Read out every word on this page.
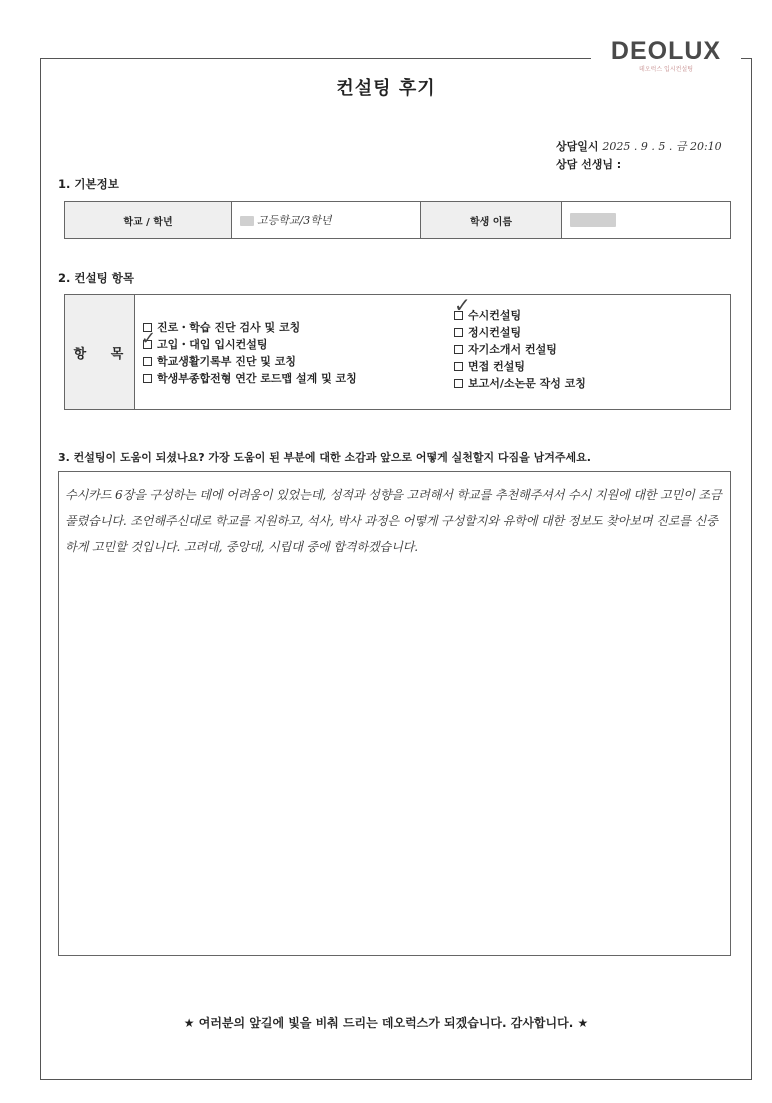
DEOLUX
데오럭스 입시컨설팅
컨설팅 후기
상담일시 2025 . 9 . 5 . 금 20:10
상담 선생님 :
1. 기본정보
학교 / 학년	고등학교/3학년	학생 이름	
2. 컨설팅 항목
항 목
진로・학습 진단 검사 및 코칭
✓ 고입・대입 입시컨설팅
학교생활기록부 진단 및 코칭
학생부종합전형 연간 로드맵 설계 및 코칭
✓
수시컨설팅
정시컨설팅
자기소개서 컨설팅
면접 컨설팅
보고서/소논문 작성 코칭
3. 컨설팅이 도움이 되셨나요? 가장 도움이 된 부분에 대한 소감과 앞으로 어떻게 실천할지 다짐을 남겨주세요.
수시카드 6장을 구성하는 데에 어려움이 있었는데, 성적과 성향을 고려해서 학교를 추천해주셔서 수시 지원에 대한 고민이 조금 풀렸습니다. 조언해주신대로 학교를 지원하고, 석사, 박사 과정은 어떻게 구성할지와 유학에 대한 정보도 찾아보며 진로를 신중하게 고민할 것입니다. 고려대, 중앙대, 시립대 중에 합격하겠습니다.
★ 여러분의 앞길에 빛을 비춰 드리는 데오럭스가 되겠습니다. 감사합니다. ★
